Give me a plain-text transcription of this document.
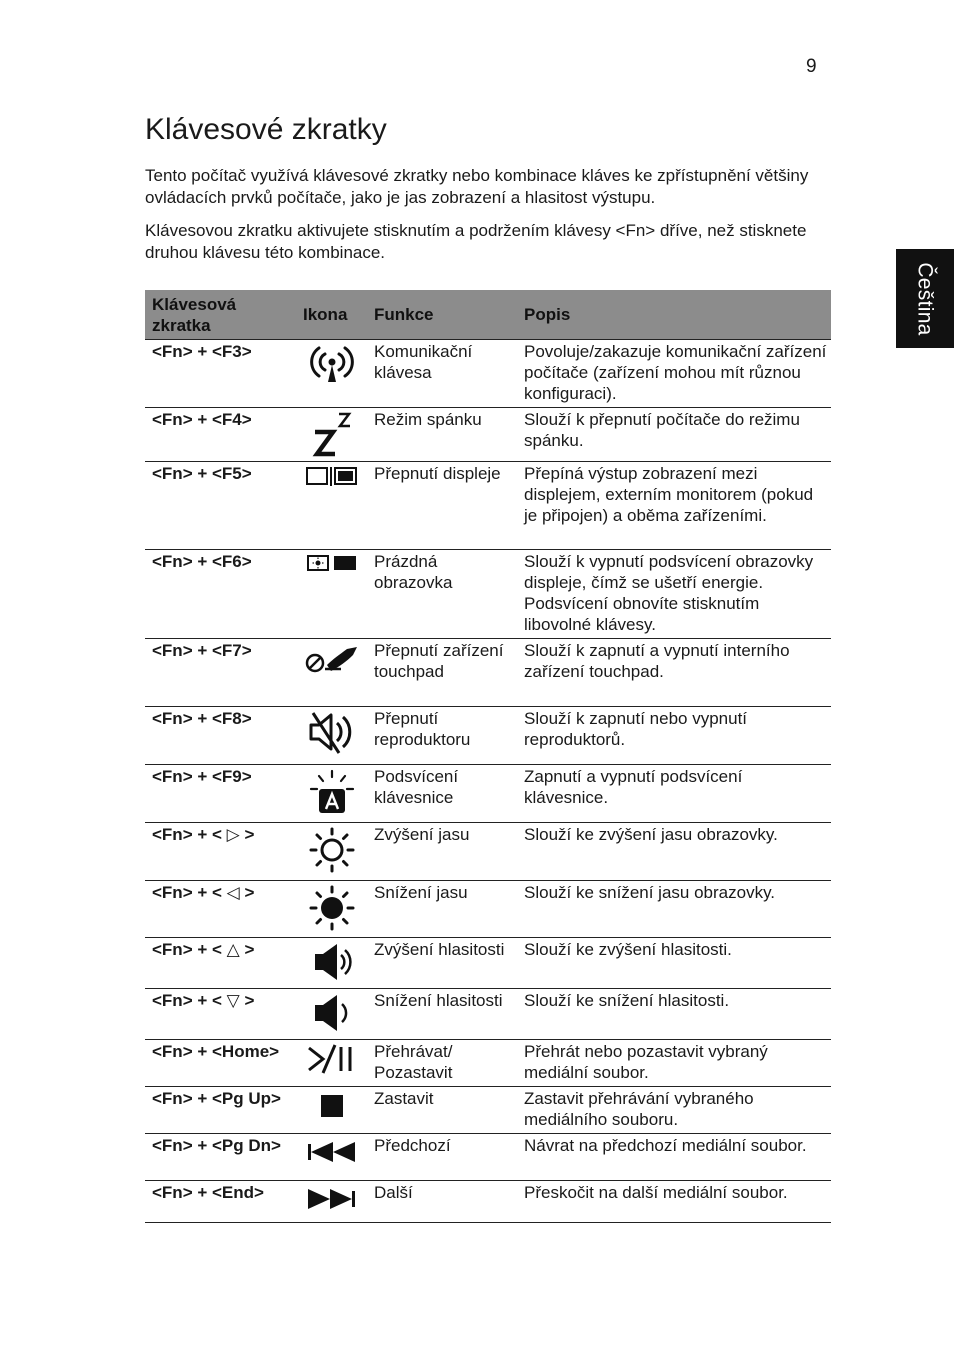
9
Čeština
Klávesové zkratky

Tento počítač využívá klávesové zkratky nebo kombinace kláves ke zpřístupnění většiny ovládacích prvků počítače, jako je jas zobrazení a hlasitost výstupu.

Klávesovou zkratku aktivujete stisknutím a podržením klávesy <Fn> dříve, než stisknete druhou klávesu této kombinace.

Klávesová zkratka	Ikona	Funkce	Popis
<Fn> + <F3>		Komunikační klávesa	Povoluje/zakazuje komunikační zařízení počítače (zařízení mohou mít různou konfiguraci).
<Fn> + <F4>		Režim spánku	Slouží k přepnutí počítače do režimu spánku.
<Fn> + <F5>		Přepnutí displeje	Přepíná výstup zobrazení mezi displejem, externím monitorem (pokud je připojen) a oběma zařízeními.
<Fn> + <F6>		Prázdná obrazovka	Slouží k vypnutí podsvícení obrazovky displeje, čímž se ušetří energie. Podsvícení obnovíte stisknutím libovolné klávesy.
<Fn> + <F7>		Přepnutí zařízení touchpad	Slouží k zapnutí a vypnutí interního zařízení touchpad.
<Fn> + <F8>		Přepnutí reproduktoru	Slouží k zapnutí nebo vypnutí reproduktorů.
<Fn> + <F9>		Podsvícení klávesnice	Zapnutí a vypnutí podsvícení klávesnice.
<Fn> + < ▷ >		Zvýšení jasu	Slouží ke zvýšení jasu obrazovky.
<Fn> + < ◁ >		Snížení jasu	Slouží ke snížení jasu obrazovky.
<Fn> + < △ >		Zvýšení hlasitosti	Slouží ke zvýšení hlasitosti.
<Fn> + < ▽ >		Snížení hlasitosti	Slouží ke snížení hlasitosti.
<Fn> + <Home>		Přehrávat/ Pozastavit	Přehrát nebo pozastavit vybraný mediální soubor.
<Fn> + <Pg Up>		Zastavit	Zastavit přehrávání vybraného mediálního souboru.
<Fn> + <Pg Dn>		Předchozí	Návrat na předchozí mediální soubor.
<Fn> + <End>		Další	Přeskočit na další mediální soubor.
